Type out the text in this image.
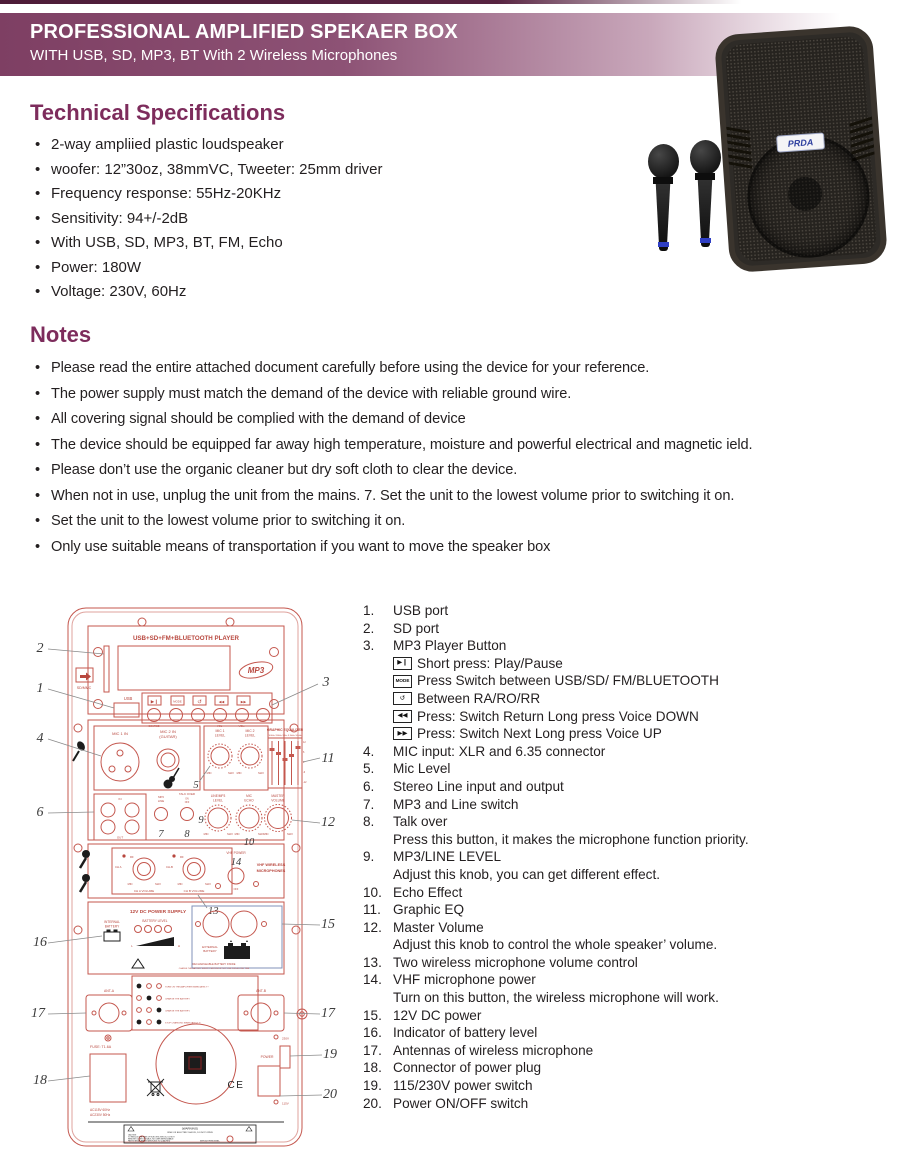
PROFESSIONAL AMPLIFIED SPEKAER BOX
WITH USB, SD, MP3, BT With 2 Wireless Microphones
PRDA
Technical Specifications
• 2-way ampliied plastic loudspeaker
• woofer: 12”30oz, 38mmVC, Tweeter: 25mm driver
• Frequency response: 55Hz-20KHz
• Sensitivity: 94+/-2dB
• With USB, SD, MP3, BT, FM, Echo
• Power: 180W
• Voltage: 230V, 60Hz
Notes
• Please read the entire attached document carefully before using the device for your reference.
• The power supply must match the demand of the device with reliable ground wire.
• All covering signal should be complied with the demand of device
• The device should be equipped far away high temperature, moisture and powerful electrical and magnetic ield.
• Please don’t use the organic cleaner but dry soft cloth to clear the device.
• When not in use, unplug the unit from the mains. 7. Set the unit to the lowest volume prior to switching it on.
• Set the unit to the lowest volume prior to switching it on.
• Only use suitable means of transportation if you want to move the speaker box
1.	USB port
2.	SD port
3.	MP3 Player Button
▶❙ Short press: Play/Pause
MODE Press Switch between USB/SD/ FM/BLUETOOTH
↺ Between RA/RO/RR
◀◀ Press: Switch Return Long press Voice DOWN
▶▶ Press: Switch Next Long press Voice UP
4.	MIC input: XLR and 6.35 connector
5.	Mic Level
6.	Stereo Line input and output
7.	MP3 and Line switch
8.	Talk over
Press this button, it makes the microphone function priority.
9.	MP3/LINE LEVEL
Adjust this knob, you can get different effect.
10. Echo Effect
11. Graphic EQ
12. Master Volume
Adjust this knob to control the whole speaker’ volume.
13. Two wireless microphone volume control
14. VHF microphone power
Turn on this button, the wireless microphone will work.
15. 12V DC power
16. Indicator of battery level
17. Antennas of wireless microphone
18. Connector of power plug
19. 115/230V power switch
20. Power ON/OFF switch
USB+SD+FM+BLUETOOTH PLAYER
SD/MMC
MP3
USB
▶❙	MODE	↺	◀◀	▶▶
SOURCE	VOL-	VOL+
MIC 1 IN	MIC 2 IN
(GUITAR)
MIC 1
LEVEL
MIN	MAX
MIC 2
LEVEL
MIN	MAX
GRAPHIC EQUALIZER
100Hz 330Hz 1kHz 3.3kHz 10kHz
12
6
0
-6
-12
IN
OUT
MP3
LINE
TALK OVER
ON
OFF
LINE/MP3
LEVEL
MIN	MAX
MIC
ECHO
MIN	MAX
MASTER
VOLUME
MIN	MAX
RF
CH A
MIN	MAX
CH A VOLUME
RF
CH-B
MIN	MAX
CH B VOLUME
VHF POWER
14
OFF
VHF WIRELESS
MICROPHONES
12V DC POWER SUPPLY 13
INTERNAL
BATTERY
BATTERY LEVEL
L	H
▲	▲
EXTERNAL
BATTERY
RECHARGEABLE BATTERY INSIDE
CHARGE THE BATTERY EVERY 3 MONTHS IF NOT USE FOR A LONG TIME
TURN ON THE AMPLIFIER IMMEDIATELY !!
CHARGE THE BATTERY
CHARGE THE BATTERY.
STOP CHARGING IMMEDIATELY !!!
ANT-A	ANT-B
FUSE: T1.6A
CE
POWER
230V
115V
AC115V 60Hz
AC230V 50Hz
(WARNING)
RISK OF ELECTRIC SHOCK, DO NOT OPEN
CAUTION:
TO REDUCE THE RISK OF ELECTRIC SHOCK, DO NOT
REMOVE COVER OR BACK. NO USER SERVICEABLE
PARTS INSIDE REFER SERVICING TO QUALIFIED	SERVICE PERSONNEL.
2
1	3
4
5
6
7 8
9
10
11
12
15
16
17	17
18
19
20
